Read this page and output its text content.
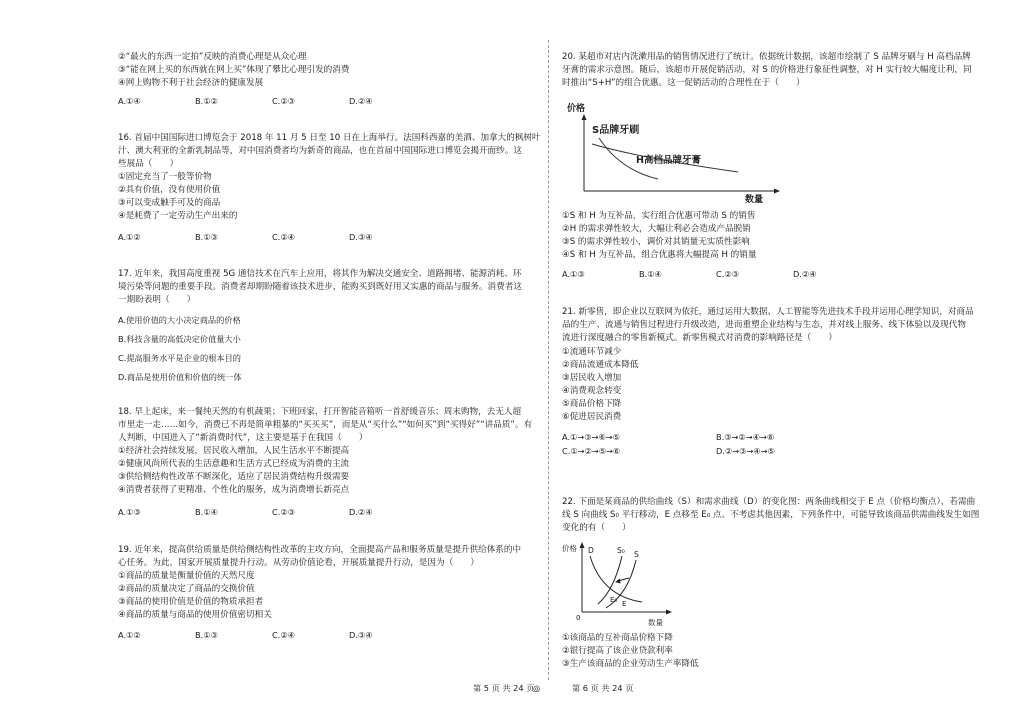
②“最火的东西一定拍”反映的消费心理是从众心理
③“能在网上买的东西就在网上买”体现了攀比心理引发的消费
④网上购物不利于社会经济的健康发展
A.①④	B.①②	C.②③	D.②④
16. 首届中国国际进口博览会于 2018 年 11 月 5 日至 10 日在上海举行。法国科西嘉的美酒、加拿大的枫树叶
汁、澳大利亚的全新乳制品等，对中国消费者均为新奇的商品，也在首届中国国际进口博览会揭开面纱。这
些展品（　　）
①固定充当了一般等价物
②具有价值，没有使用价值
③可以变成触手可及的商品
④是耗费了一定劳动生产出来的
A.①②	B.①③	C.②④	D.③④
17. 近年来，我国高度重视 5G 通信技术在汽车上应用，将其作为解决交通安全、道路拥堵、能源消耗、环
境污染等问题的重要手段。消费者却期盼随着该技术进步，能购买到既好用又实惠的商品与服务。消费者这
一期盼表明（　　）
A.使用价值的大小决定商品的价格
B.科技含量的高低决定价值量大小
C.提高服务水平是企业的根本目的
D.商品是使用价值和价值的统一体
18. 早上起床，来一餐纯天然的有机蔬果；下班回家，打开智能音箱听一首舒缓音乐；周末购物，去无人超
市里走一走……如今，消费已不再是简单粗暴的“买买买”，而是从“买什么”“如何买”到“买得好”“讲品质”。有
人判断，中国进入了“新消费时代”，这主要是基于在我国（　　）
①经济社会持续发展，居民收入增加，人民生活水平不断提高
②健康风尚所代表的生活意趣和生活方式已经成为消费的主流
③供给侧结构性改革不断深化，适应了居民消费结构升级需要
④消费者获得了更精准、个性化的服务，成为消费增长新亮点
A.①③	B.①④	C.②③	D.②④
19. 近年来，提高供给质量是供给侧结构性改革的主攻方向，全面提高产品和服务质量是提升供给体系的中
心任务。为此，国家开展质量提升行动。从劳动价值论看，开展质量提升行动，是因为（　　）
①商品的质量是衡量价值的天然尺度
②商品的质量决定了商品的交换价值
③商品的使用价值是价值的物质承担者
④商品的质量与商品的使用价值密切相关
A.①②	B.①③	C.②④	D.③④
第 5 页 共 24 页
◎
20. 某超市对店内洗漱用品的销售情况进行了统计。依据统计数据，该超市绘制了 S 品牌牙刷与 H 高档品牌
牙膏的需求示意图。随后，该超市开展促销活动，对 S 的价格进行象征性调整，对 H 实行较大幅度让利，同
时推出“S+H”的组合优惠。这一促销活动的合理性在于（　　）
价格
S品牌牙刷
H高档品牌牙膏
数量
①S 和 H 为互补品，实行组合优惠可带动 S 的销售
②H 的需求弹性较大，大幅让利必会造成产品脱销
③S 的需求弹性较小，调价对其销量无实质性影响
④S 和 H 为互补品，组合优惠将大幅提高 H 的销量
A.①③	B.①④	C.②③	D.②④
21. 新零售，即企业以互联网为依托，通过运用大数据、人工智能等先进技术手段并运用心理学知识，对商品
品的生产、流通与销售过程进行升级改造，进而重塑企业结构与生态，并对线上服务、线下体验以及现代物
流进行深度融合的零售新模式。新零售模式对消费的影响路径是（　　）
①流通环节减少
②商品流通成本降低
③居民收入增加
④消费观念转变
⑤商品价格下降
⑥促进居民消费
A.①→③→⑥→⑤	B.③→②→④→⑥
C.①→②→⑤→⑥	D.②→③→④→⑤
22. 下面是某商品的供给曲线（S）和需求曲线（D）的变化图：两条曲线相交于 E 点（价格均衡点），若需曲
线 S 向曲线 S₀ 平行移动，E 点移至 E₀ 点。不考虑其他因素，下列条件中，可能导致该商品供需曲线发生如图
变化的有（　　）
价格
0	数量
D	S₀ S
E₀ E
①该商品的互补商品价格下降
②银行提高了该企业贷款利率
③生产该商品的企业劳动生产率降低
第 6 页 共 24 页
